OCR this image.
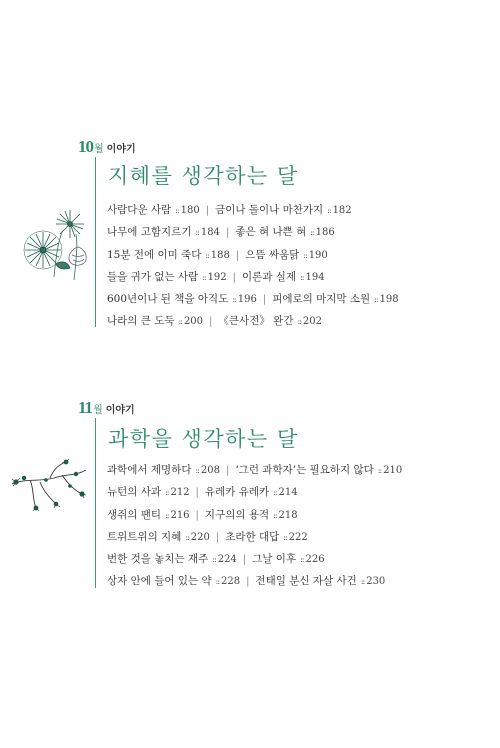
10 월 이야기
사람다운 사람 :: 180 | 금이나 돌이나 마찬가지 :: 182
나무에 고함지르기 :: 184 | 좋은 혀 나쁜 혀 :: 186
15분 전에 이미 죽다 :: 188 | 으뜸 싸움닭 :: 190
들을 귀가 없는 사람 :: 192 | 이론과 실제 :: 194
600년이나 된 책을 아직도 :: 196 | 피에로의 마지막 소원 :: 198
나라의 큰 도둑 :: 200 | 《큰사전》 완간 :: 202
지혜를 생각하는 달
11 월 이야기
과학에서 제명하다 :: 208 | ‘그런 과학자’는 필요하지 않다 :: 210
뉴턴의 사과 :: 212 | 유레카 유레카 :: 214
생쥐의 팬티 :: 216 | 지구의의 용적 :: 218
트위트위의 지혜 :: 220 | 초라한 대답 :: 222
번한 것을 놓치는 재주 :: 224 | 그날 이후 :: 226
상자 안에 들어 있는 약 :: 228 | 전태일 분신 자살 사건 :: 230
과학을 생각하는 달
